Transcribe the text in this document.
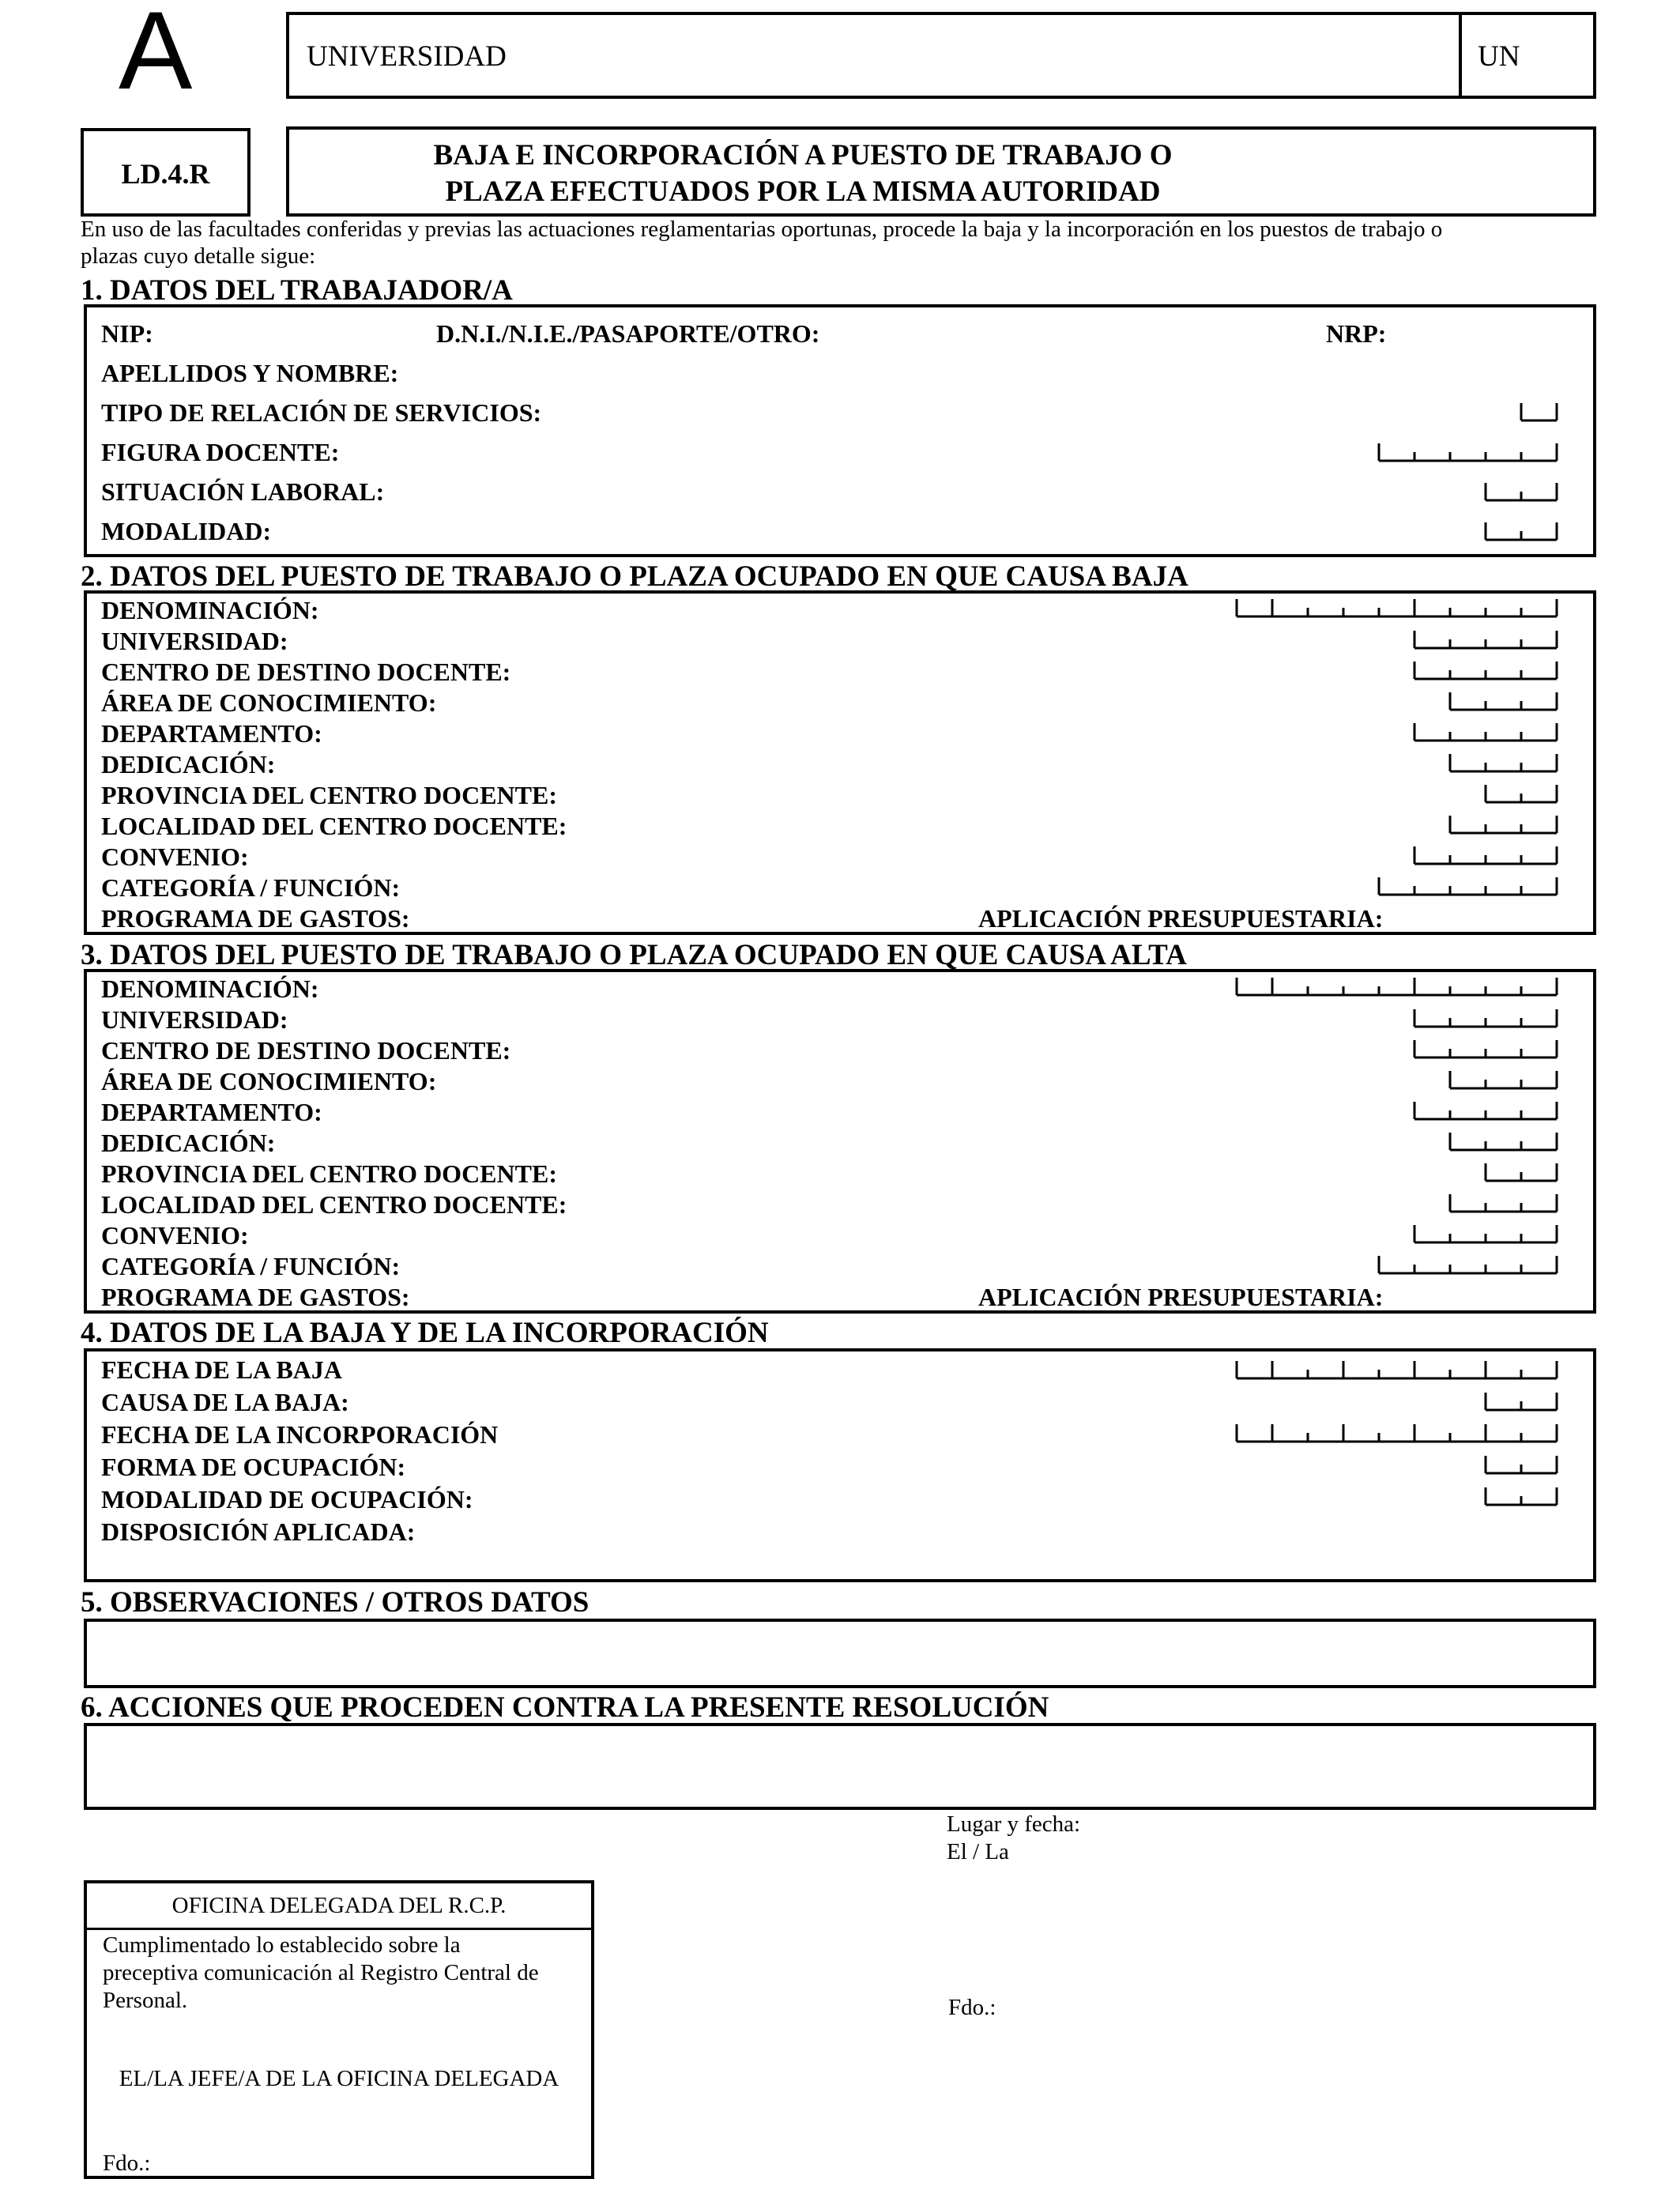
A	UNIVERSIDAD	UN
LD.4.R
BAJA E INCORPORACIÓN A PUESTO DE TRABAJO O
PLAZA EFECTUADOS POR LA MISMA AUTORIDAD
En uso de las facultades conferidas y previas las actuaciones reglamentarias oportunas, procede la baja y la incorporación en los puestos de trabajo o
plazas cuyo detalle sigue:
1. DATOS DEL TRABAJADOR/A
NIP:	D.N.I./N.I.E./PASAPORTE/OTRO:	NRP:
APELLIDOS Y NOMBRE:
TIPO DE RELACIÓN DE SERVICIOS:
FIGURA DOCENTE:
SITUACIÓN LABORAL:
MODALIDAD:
2. DATOS DEL PUESTO DE TRABAJO O PLAZA OCUPADO EN QUE CAUSA BAJA
DENOMINACIÓN:
UNIVERSIDAD:
CENTRO DE DESTINO DOCENTE:
ÁREA DE CONOCIMIENTO:
DEPARTAMENTO:
DEDICACIÓN:
PROVINCIA DEL CENTRO DOCENTE:
LOCALIDAD DEL CENTRO DOCENTE:
CONVENIO:
CATEGORÍA / FUNCIÓN:
PROGRAMA DE GASTOS:	APLICACIÓN PRESUPUESTARIA:
3. DATOS DEL PUESTO DE TRABAJO O PLAZA OCUPADO EN QUE CAUSA ALTA
DENOMINACIÓN:
UNIVERSIDAD:
CENTRO DE DESTINO DOCENTE:
ÁREA DE CONOCIMIENTO:
DEPARTAMENTO:
DEDICACIÓN:
PROVINCIA DEL CENTRO DOCENTE:
LOCALIDAD DEL CENTRO DOCENTE:
CONVENIO:
CATEGORÍA / FUNCIÓN:
PROGRAMA DE GASTOS:	APLICACIÓN PRESUPUESTARIA:
4. DATOS DE LA BAJA Y DE LA INCORPORACIÓN
FECHA DE LA BAJA
CAUSA DE LA BAJA:
FECHA DE LA INCORPORACIÓN
FORMA DE OCUPACIÓN:
MODALIDAD DE OCUPACIÓN:
DISPOSICIÓN APLICADA:
5. OBSERVACIONES / OTROS DATOS
6. ACCIONES QUE PROCEDEN CONTRA LA PRESENTE RESOLUCIÓN
Lugar y fecha:
El / La
Fdo.:
OFICINA DELEGADA DEL R.C.P.
Cumplimentado lo establecido sobre la
preceptiva comunicación al Registro Central de
Personal.
EL/LA JEFE/A DE LA OFICINA DELEGADA
Fdo.:
